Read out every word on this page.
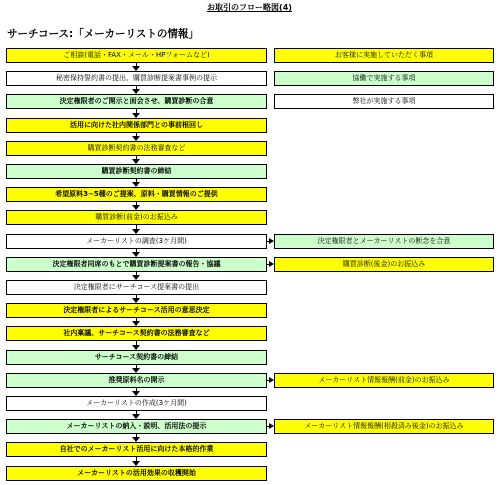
お取引のフロー略図(4)
サーチコース:「メーカーリストの情報」
ご相談(電話・FAX・メール・HPフォームなど)
秘密保持誓約書の提出、購買診断提案書事例の提示
決定権限者のご開示と面会させ、購買診断の合意
活用に向けた社内関係部門との事前根回し
購買診断契約書の法務審査など
購買診断契約書の締結
希望原料3~5種のご提案、原料・購買情報のご提供
購買診断(前金)のお振込み
メーカーリストの調査(3ケ月間)
決定権限者同席のもとで購買診断提案書の報告・協議
決定権限者にサーチコース提案書の提出
決定権限者によるサーチコース活用の意思決定
社内稟議、サーチコース契約書の法務審査など
サーチコース契約書の締結
推奨原料名の開示
メーカーリストの作成(3ケ月間)
メーカーリストの納入・説明、活用法の提示
自社でのメーカーリスト活用に向けた本格的作業
メーカーリストの活用効果の収穫開始
お客様に実施していただく事項
協働で実施する事項
弊社が実施する事項
決定権限者とメーカーリストの断念を合意
購買診断(後金)のお振込み
メーカーリスト情報報酬(前金)のお振込み
メーカーリスト情報報酬(相殺済み後金)のお振込み
